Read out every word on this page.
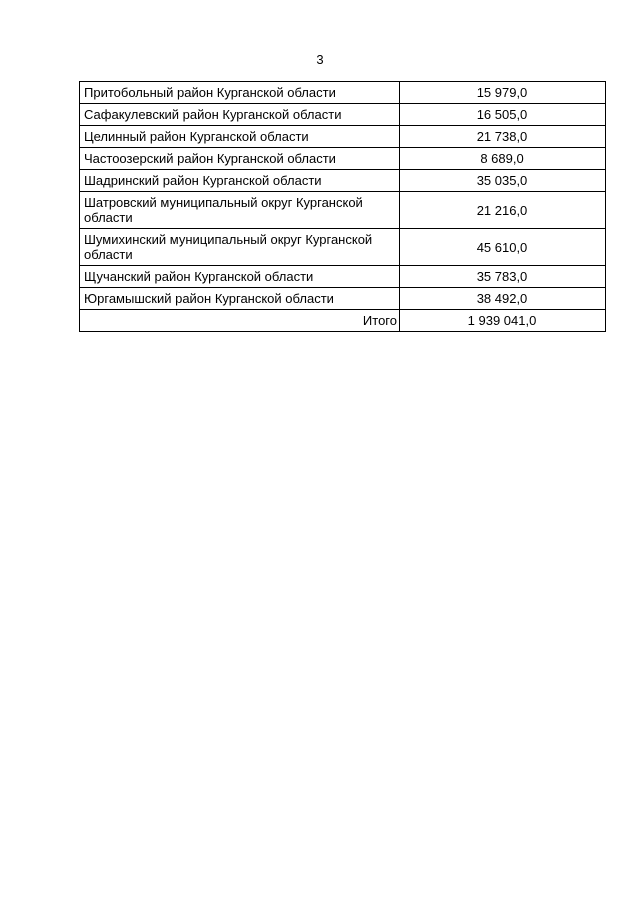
3
Притобольный район Курганской области	15 979,0
Сафакулевский район Курганской области	16 505,0
Целинный район Курганской области	21 738,0
Частоозерский район Курганской области	8 689,0
Шадринский район Курганской области	35 035,0
Шатровский муниципальный округ Курганской области	21 216,0
Шумихинский муниципальный округ Курганской области	45 610,0
Щучанский район Курганской области	35 783,0
Юргамышский район Курганской области	38 492,0
Итого	1 939 041,0
